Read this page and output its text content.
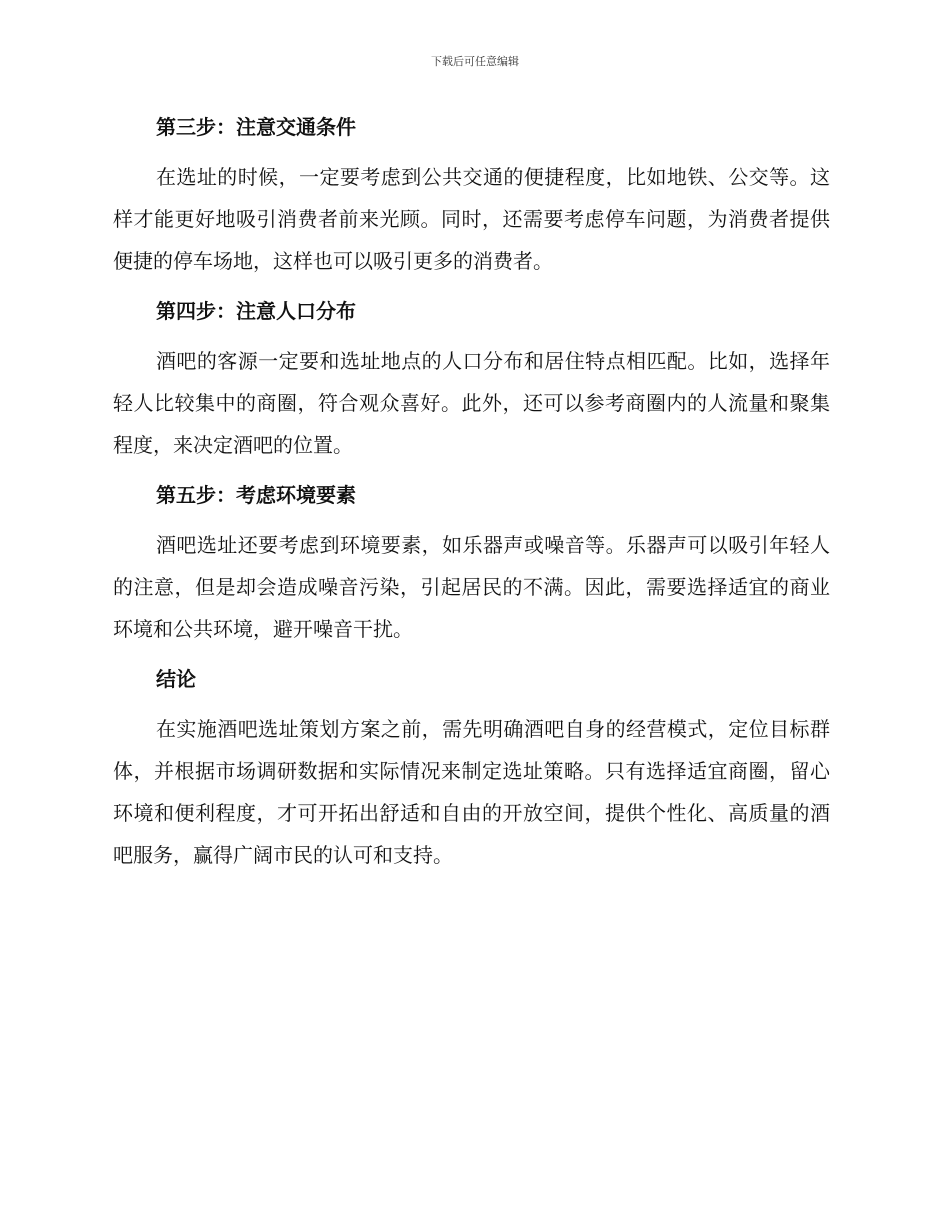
下载后可任意编辑
第三步：注意交通条件

在选址的时候，一定要考虑到公共交通的便捷程度，比如地铁、公交等。这样才能更好地吸引消费者前来光顾。同时，还需要考虑停车问题，为消费者提供便捷的停车场地，这样也可以吸引更多的消费者。

第四步：注意人口分布

酒吧的客源一定要和选址地点的人口分布和居住特点相匹配。比如，选择年轻人比较集中的商圈，符合观众喜好。此外，还可以参考商圈内的人流量和聚集程度，来决定酒吧的位置。

第五步：考虑环境要素

酒吧选址还要考虑到环境要素，如乐器声或噪音等。乐器声可以吸引年轻人的注意，但是却会造成噪音污染，引起居民的不满。因此，需要选择适宜的商业环境和公共环境，避开噪音干扰。

结论

在实施酒吧选址策划方案之前，需先明确酒吧自身的经营模式，定位目标群体，并根据市场调研数据和实际情况来制定选址策略。只有选择适宜商圈，留心环境和便利程度，才可开拓出舒适和自由的开放空间，提供个性化、高质量的酒吧服务，赢得广阔市民的认可和支持。
